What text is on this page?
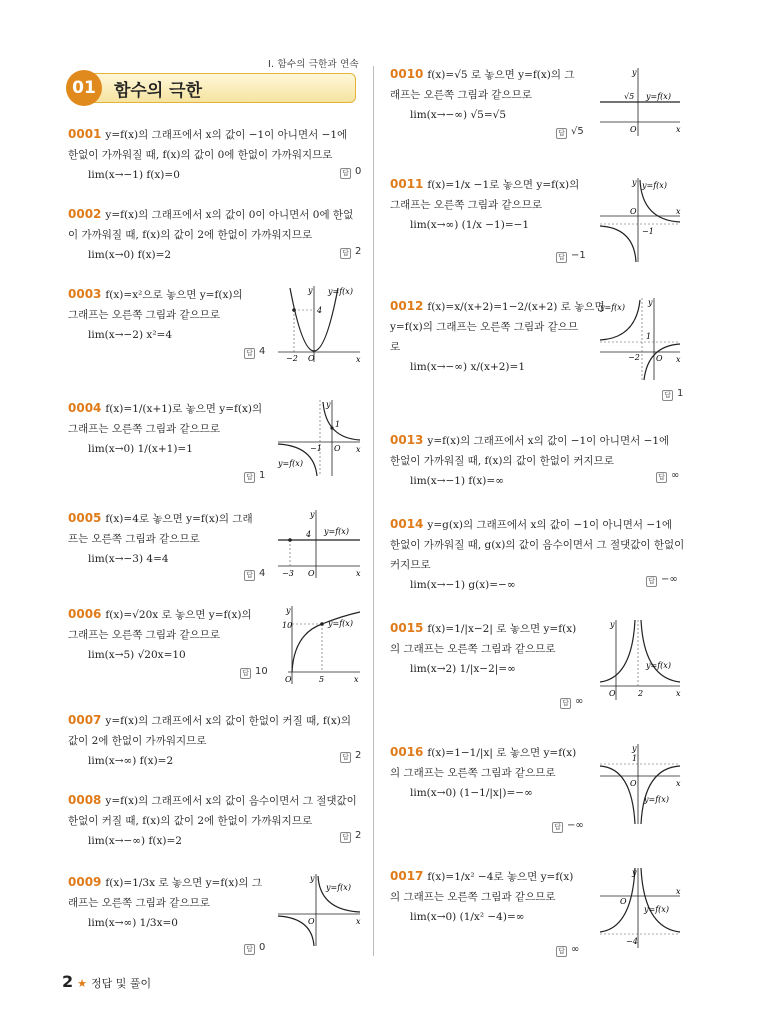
I. 함수의 극한과 연속
01	함수의 극한
0001 y=f(x)의 그래프에서 x의 값이 −1이 아니면서 −1에
한없이 가까워질 때, f(x)의 값이 0에 한없이 가까워지므로
lim(x→−1) f(x)=0	답 0
0002 y=f(x)의 그래프에서 x의 값이 0이 아니면서 0에 한없
이 가까워질 때, f(x)의 값이 2에 한없이 가까워지므로
lim(x→0) f(x)=2	답 2
0003 f(x)=x²으로 놓으면 y=f(x)의
그래프는 오른쪽 그림과 같으므로
lim(x→−2) x²=4
답 4
0004 f(x)=1/(x+1)로 놓으면 y=f(x)의
그래프는 오른쪽 그림과 같으므로
lim(x→0) 1/(x+1)=1
답 1
0005 f(x)=4로 놓으면 y=f(x)의 그래
프는 오른쪽 그림과 같으므로
lim(x→−3) 4=4
답 4
0006 f(x)=√20x 로 놓으면 y=f(x)의
그래프는 오른쪽 그림과 같으므로
lim(x→5) √20x=10
답 10
0007 y=f(x)의 그래프에서 x의 값이 한없이 커질 때, f(x)의
값이 2에 한없이 가까워지므로
lim(x→∞) f(x)=2	답 2
0008 y=f(x)의 그래프에서 x의 값이 음수이면서 그 절댓값이
한없이 커질 때, f(x)의 값이 2에 한없이 가까워지므로
lim(x→−∞) f(x)=2	답 2
0009 f(x)=1/3x 로 놓으면 y=f(x)의 그
래프는 오른쪽 그림과 같으므로
lim(x→∞) 1/3x=0
답 0
0010 f(x)=√5 로 놓으면 y=f(x)의 그
래프는 오른쪽 그림과 같으므로
lim(x→−∞) √5=√5
답 √5
0011 f(x)=1/x −1로 놓으면 y=f(x)의
그래프는 오른쪽 그림과 같으므로
lim(x→∞) (1/x −1)=−1
답 −1
0012 f(x)=x/(x+2)=1−2/(x+2) 로 놓으면
y=f(x)의 그래프는 오른쪽 그림과 같으므
로
lim(x→−∞) x/(x+2)=1
답 1
0013 y=f(x)의 그래프에서 x의 값이 −1이 아니면서 −1에
한없이 가까워질 때, f(x)의 값이 한없이 커지므로
lim(x→−1) f(x)=∞	답 ∞
0014 y=g(x)의 그래프에서 x의 값이 −1이 아니면서 −1에
한없이 가까워질 때, g(x)의 값이 음수이면서 그 절댓값이 한없이
커지므로
lim(x→−1) g(x)=−∞	답 −∞
0015 f(x)=1/|x−2| 로 놓으면 y=f(x)
의 그래프는 오른쪽 그림과 같으므로
lim(x→2) 1/|x−2|=∞
답 ∞
0016 f(x)=1−1/|x| 로 놓으면 y=f(x)
의 그래프는 오른쪽 그림과 같으므로
lim(x→0) (1−1/|x|)=−∞
답 −∞
0017 f(x)=1/x² −4로 놓으면 y=f(x)
의 그래프는 오른쪽 그림과 같으므로
lim(x→0) (1/x² −4)=∞
답 ∞
x
y y=f(x)
4
−2 O
x
y
y=f(x)
1
−1 O
x
y
y=f(x)
4
−3 O
x
y
y=f(x)
10
5
O
x
y
y=f(x)
O
x
y
y=f(x)
√5
O
x
y y=f(x)
−1
O
x
y
y=f(x)
1
−2 O
x
y
y=f(x)
2
O
x
y
y=f(x)
1
O
x
y
y=f(x)
−4
O
2 ★ 정답 및 풀이
